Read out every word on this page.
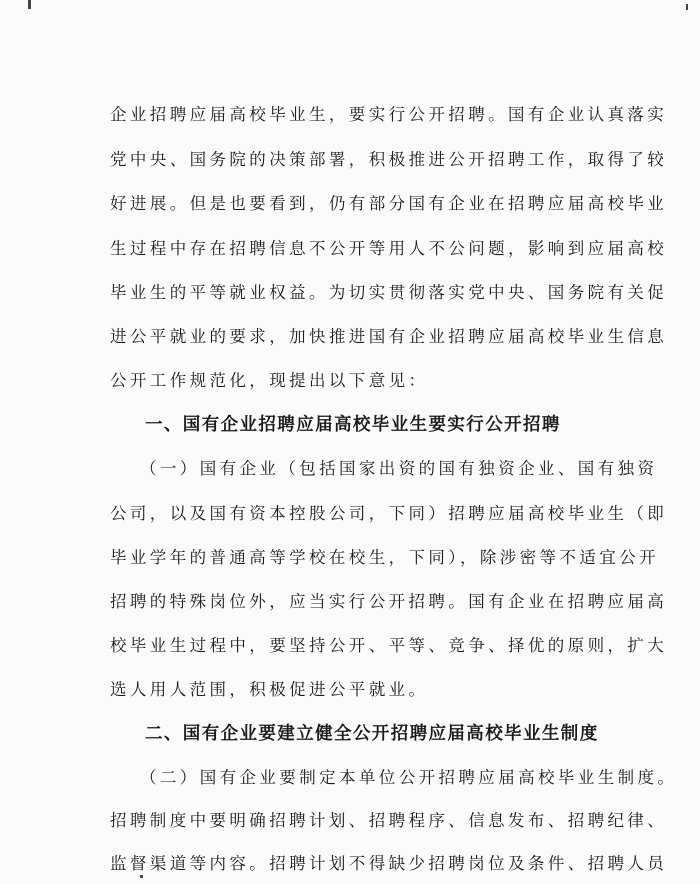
企业招聘应届高校毕业生，要实行公开招聘。国有企业认真落实
党中央、国务院的决策部署，积极推进公开招聘工作，取得了较
好进展。但是也要看到，仍有部分国有企业在招聘应届高校毕业
生过程中存在招聘信息不公开等用人不公问题，影响到应届高校
毕业生的平等就业权益。为切实贯彻落实党中央、国务院有关促
进公平就业的要求，加快推进国有企业招聘应届高校毕业生信息
公开工作规范化，现提出以下意见：
一、国有企业招聘应届高校毕业生要实行公开招聘
（一）国有企业（包括国家出资的国有独资企业、国有独资
公司，以及国有资本控股公司，下同）招聘应届高校毕业生（即
毕业学年的普通高等学校在校生，下同），除涉密等不适宜公开
招聘的特殊岗位外，应当实行公开招聘。国有企业在招聘应届高
校毕业生过程中，要坚持公开、平等、竞争、择优的原则，扩大
选人用人范围，积极促进公平就业。
二、国有企业要建立健全公开招聘应届高校毕业生制度
（二）国有企业要制定本单位公开招聘应届高校毕业生制度。
招聘制度中要明确招聘计划、招聘程序、信息发布、招聘纪律、
监督渠道等内容。招聘计划不得缺少招聘岗位及条件、招聘人员
